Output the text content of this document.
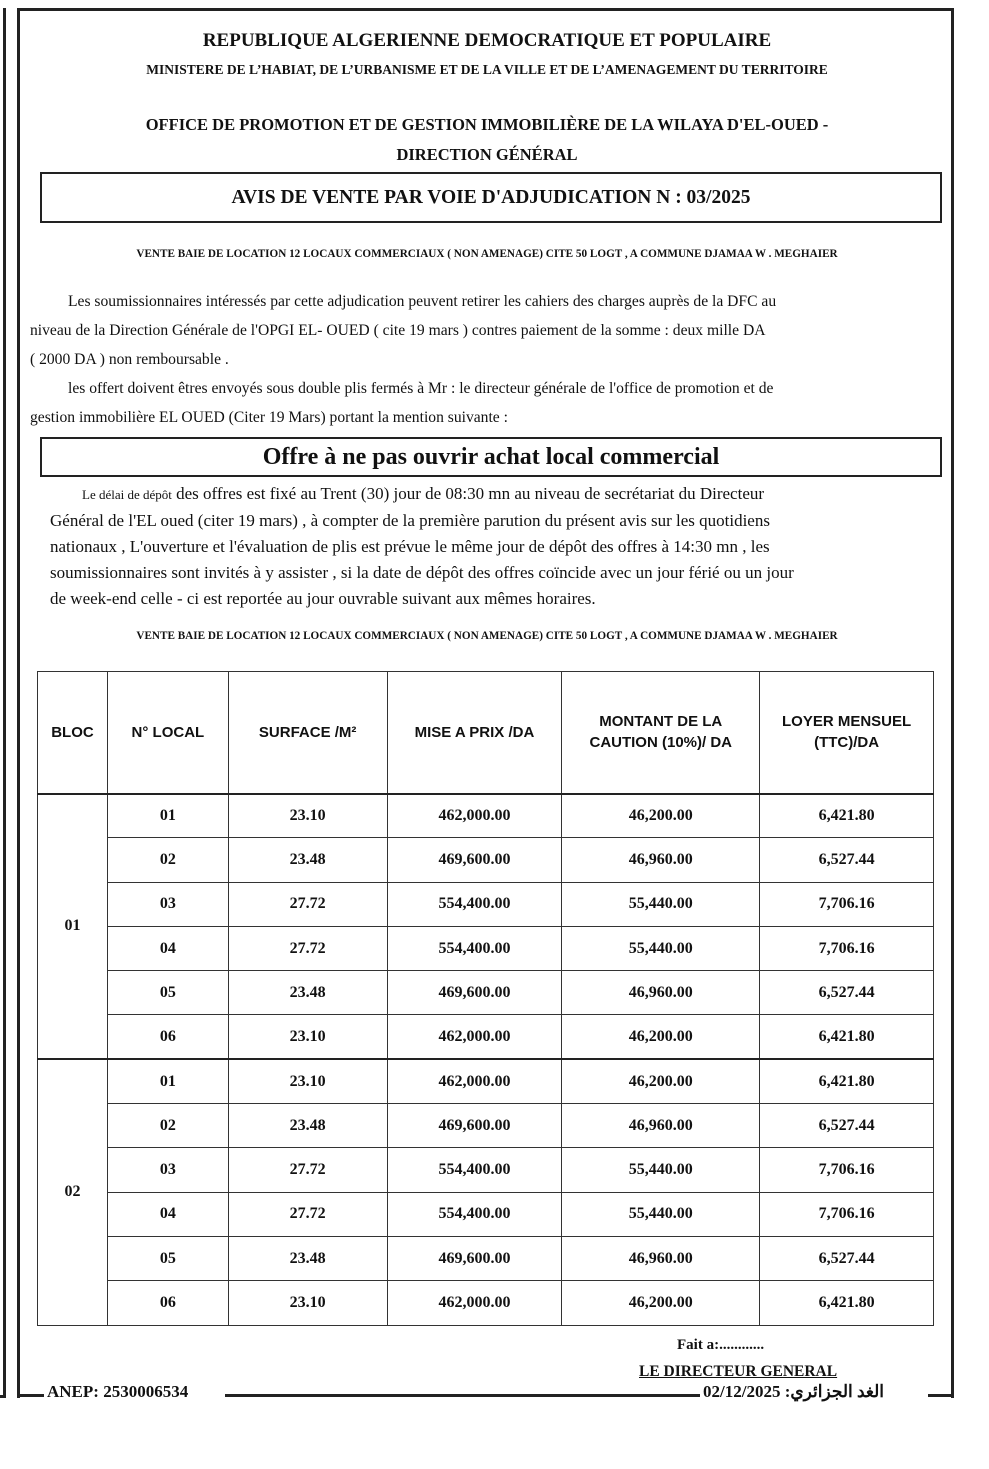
REPUBLIQUE ALGERIENNE DEMOCRATIQUE ET POPULAIRE
MINISTERE DE L’HABIAT, DE L’URBANISME ET DE LA VILLE ET DE L’AMENAGEMENT DU TERRITOIRE
OFFICE DE PROMOTION ET DE GESTION IMMOBILIÈRE DE LA WILAYA D'EL-OUED -
DIRECTION GÉNÉRAL
AVIS DE VENTE PAR VOIE D'ADJUDICATION N : 03/2025
VENTE BAIE DE LOCATION 12 LOCAUX COMMERCIAUX ( NON AMENAGE) CITE 50 LOGT , A COMMUNE DJAMAA W . MEGHAIER
Les soumissionnaires intéressés par cette adjudication peuvent retirer les cahiers des charges auprès de la DFC au
niveau de la Direction Générale de l'OPGI EL- OUED ( cite 19 mars ) contres paiement de la somme : deux mille DA
( 2000 DA ) non remboursable .
les offert doivent êtres envoyés sous double plis fermés à Mr : le directeur générale de l'office de promotion et de
gestion immobilière EL OUED (Citer 19 Mars) portant la mention suivante :
Offre à ne pas ouvrir achat local commercial
Le délai de dépôt des offres est fixé au Trent (30) jour de 08:30 mn au niveau de secrétariat du Directeur
Général de l'EL oued (citer 19 mars) , à compter de la première parution du présent avis sur les quotidiens
nationaux , L'ouverture et l'évaluation de plis est prévue le même jour de dépôt des offres à 14:30 mn , les
soumissionnaires sont invités à y assister , si la date de dépôt des offres coïncide avec un jour férié ou un jour
de week-end celle - ci est reportée au jour ouvrable suivant aux mêmes horaires.
VENTE BAIE DE LOCATION 12 LOCAUX COMMERCIAUX ( NON AMENAGE) CITE 50 LOGT , A COMMUNE DJAMAA W . MEGHAIER
BLOC	N° LOCAL	SURFACE /M²	MISE A PRIX /DA	MONTANT DE LA CAUTION (10%)/ DA	LOYER MENSUEL (TTC)/DA
01	01	23.10	462,000.00	46,200.00	6,421.80
	02	23.48	469,600.00	46,960.00	6,527.44
	03	27.72	554,400.00	55,440.00	7,706.16
	04	27.72	554,400.00	55,440.00	7,706.16
	05	23.48	469,600.00	46,960.00	6,527.44
	06	23.10	462,000.00	46,200.00	6,421.80
02	01	23.10	462,000.00	46,200.00	6,421.80
	02	23.48	469,600.00	46,960.00	6,527.44
	03	27.72	554,400.00	55,440.00	7,706.16
	04	27.72	554,400.00	55,440.00	7,706.16
	05	23.48	469,600.00	46,960.00	6,527.44
	06	23.10	462,000.00	46,200.00	6,421.80
Fait a:............
LE DIRECTEUR GENERAL
ANEP: 2530006534	02/12/2025 :الغد الجزائري
